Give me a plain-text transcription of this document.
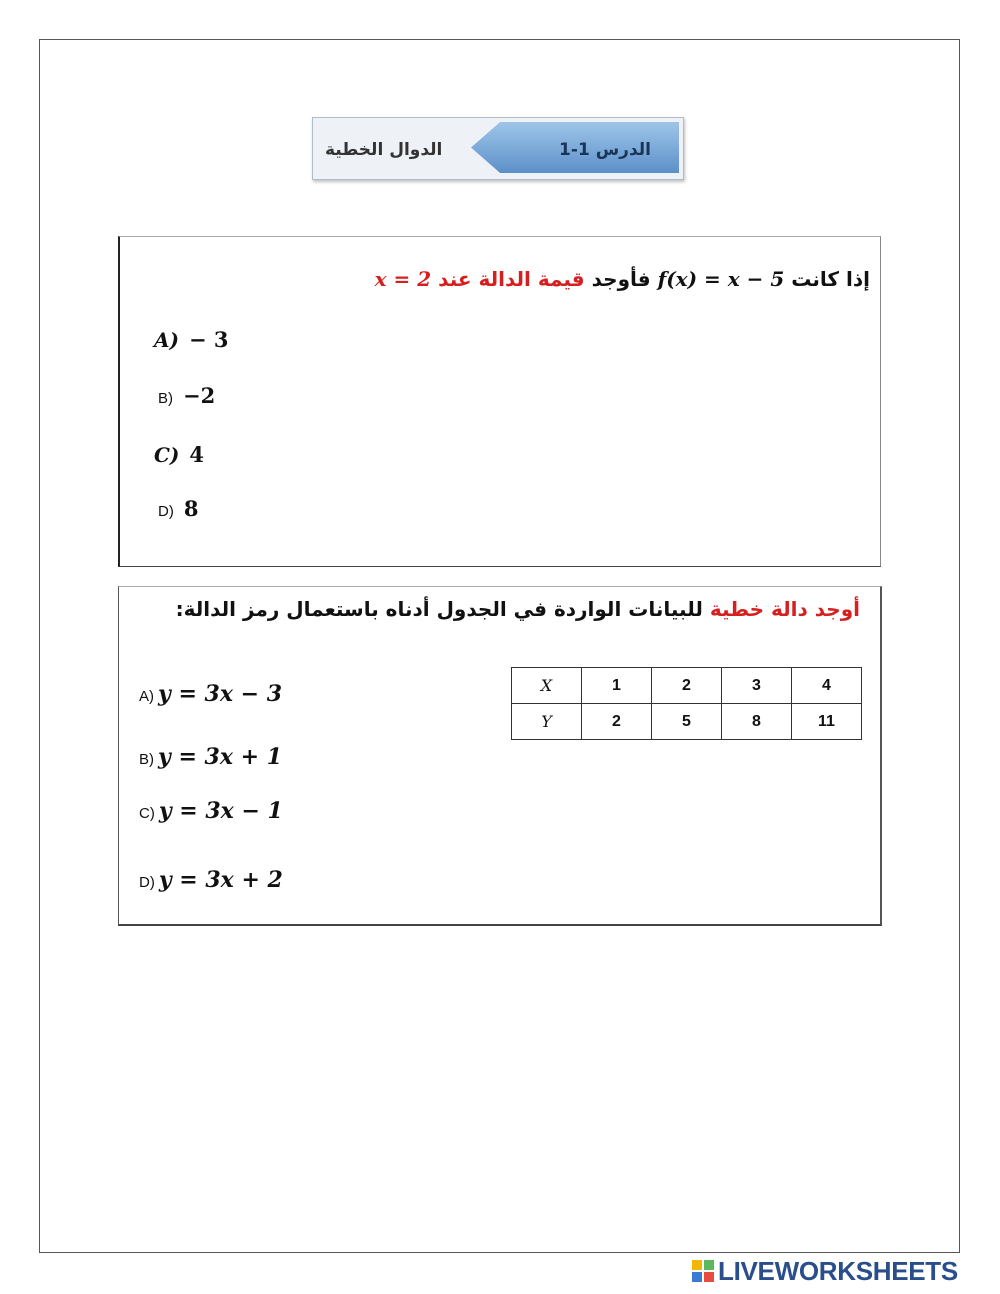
الدرس 1-1
الدوال الخطية
إذا كانت f(x) = x − 5 فأوجد قيمة الدالة عند x = 2
A) − 3
B) −2
C) 4
D) 8
أوجد دالة خطية للبيانات الواردة في الجدول أدناه باستعمال رمز الدالة:
A) y = 3x − 3
B) y = 3x + 1
C) y = 3x − 1
D) y = 3x + 2
X	1	2	3	4
Y	2	5	8	11
LIVEWORKSHEETS
